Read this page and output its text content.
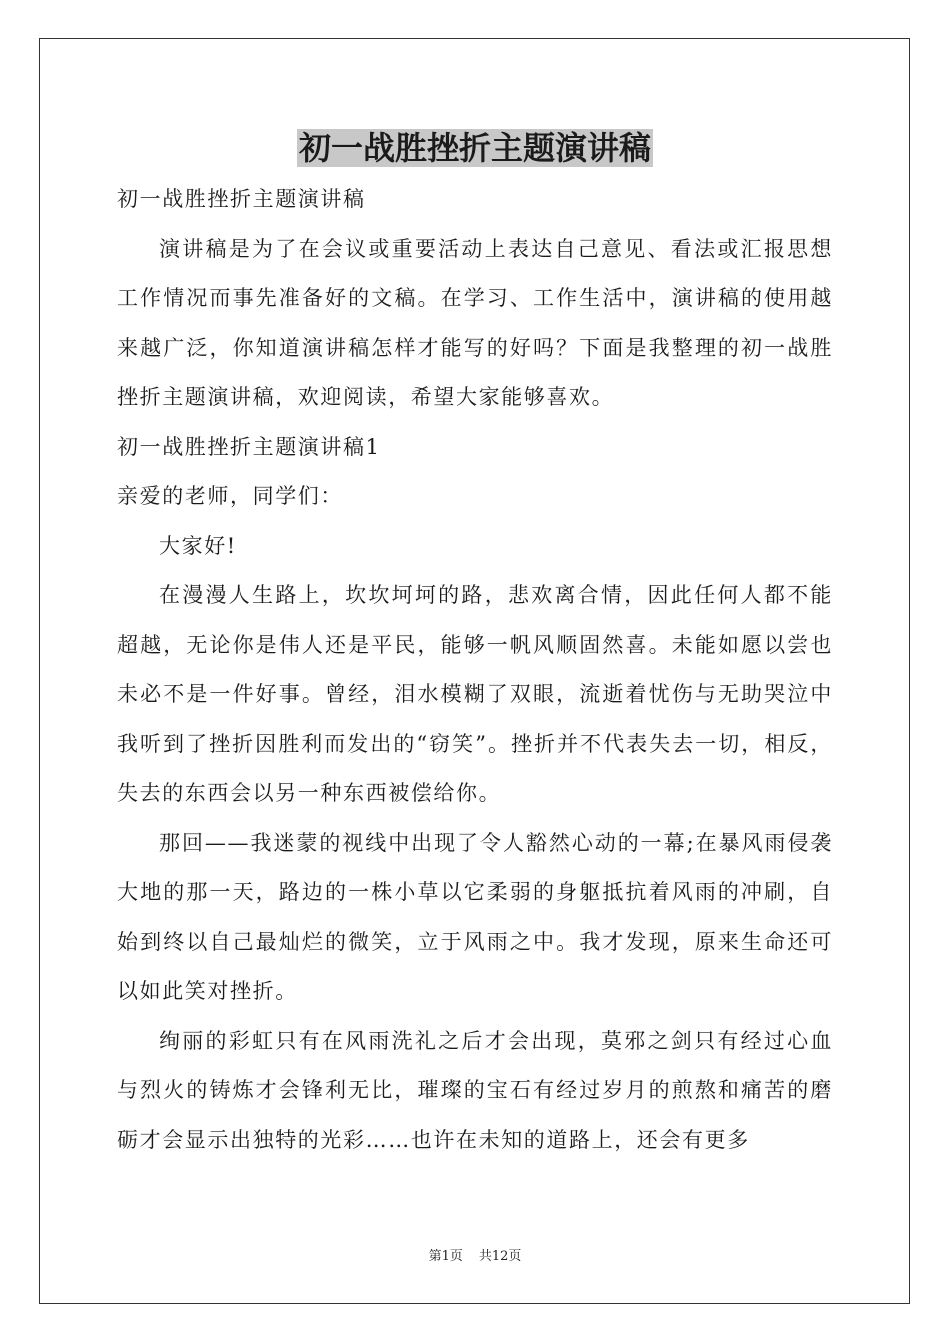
初一战胜挫折主题演讲稿

初一战胜挫折主题演讲稿

演讲稿是为了在会议或重要活动上表达自己意见、看法或汇报思想工作情况而事先准备好的文稿。在学习、工作生活中，演讲稿的使用越来越广泛，你知道演讲稿怎样才能写的好吗？下面是我整理的初一战胜挫折主题演讲稿，欢迎阅读，希望大家能够喜欢。

初一战胜挫折主题演讲稿1

亲爱的老师，同学们：

大家好!

在漫漫人生路上，坎坎坷坷的路，悲欢离合情，因此任何人都不能超越，无论你是伟人还是平民，能够一帆风顺固然喜。未能如愿以尝也未必不是一件好事。曾经，泪水模糊了双眼，流逝着忧伤与无助哭泣中我听到了挫折因胜利而发出的“窃笑”。挫折并不代表失去一切，相反，失去的东西会以另一种东西被偿给你。

那回——我迷蒙的视线中出现了令人豁然心动的一幕;在暴风雨侵袭大地的那一天，路边的一株小草以它柔弱的身躯抵抗着风雨的冲刷，自始到终以自己最灿烂的微笑，立于风雨之中。我才发现，原来生命还可以如此笑对挫折。

绚丽的彩虹只有在风雨洗礼之后才会出现，莫邪之剑只有经过心血与烈火的铸炼才会锋利无比，璀璨的宝石有经过岁月的煎熬和痛苦的磨砺才会显示出独特的光彩……也许在未知的道路上，还会有更多

第1页 共12页
